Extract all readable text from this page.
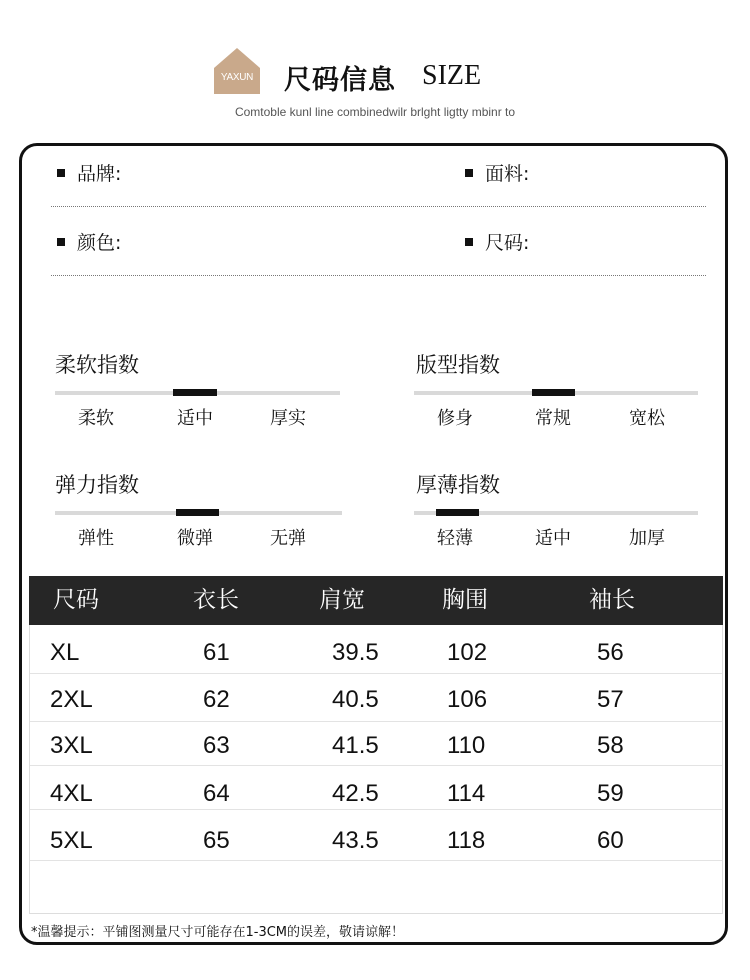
YAXUN 尺码信息 SIZE
Comtoble kunl line combinedwilr brlght ligtty mbinr to
品牌:	面料:
颜色:	尺码:
柔软指数
柔软	适中	厚实
版型指数
修身	常规	宽松
弹力指数
弹性	微弹	无弹
厚薄指数
轻薄	适中	加厚
尺码	衣长	肩宽	胸围	袖长
XL	61	39.5	102	56
2XL	62	40.5	106	57
3XL	63	41.5	110	58
4XL	64	42.5	114	59
5XL	65	43.5	118	60
*温馨提示：平铺图测量尺寸可能存在1-3CM的误差，敬请谅解！
